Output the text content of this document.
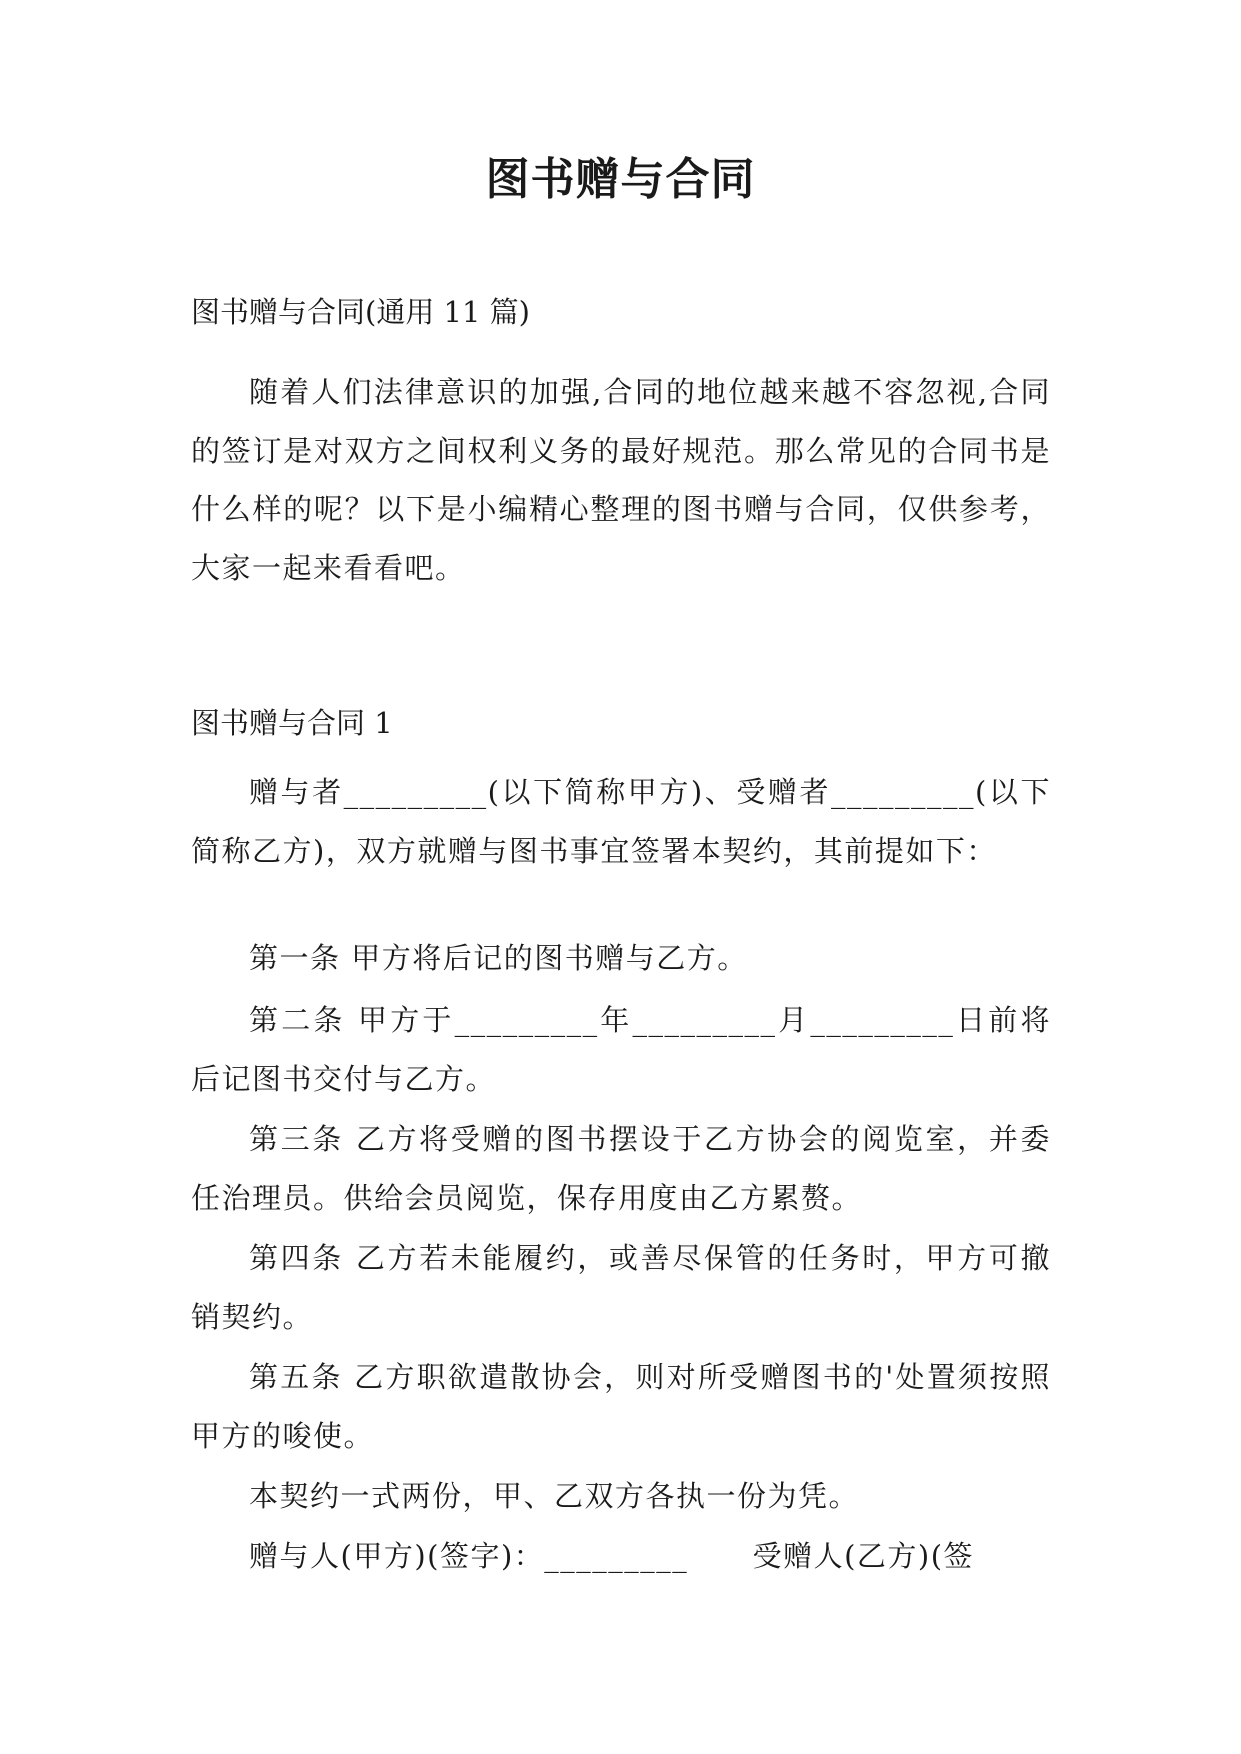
图书赠与合同

图书赠与合同(通用 11 篇)

随着人们法律意识的加强,合同的地位越来越不容忽视,合同的签订是对双方之间权利义务的最好规范。那么常见的合同书是什么样的呢？以下是小编精心整理的图书赠与合同，仅供参考，大家一起来看看吧。

图书赠与合同 1

赠与者_________(以下简称甲方)、受赠者_________(以下简称乙方)，双方就赠与图书事宜签署本契约，其前提如下：

第一条 甲方将后记的图书赠与乙方。

第二条 甲方于_________年_________月_________日前将后记图书交付与乙方。

第三条 乙方将受赠的图书摆设于乙方协会的阅览室，并委任治理员。供给会员阅览，保存用度由乙方累赘。

第四条 乙方若未能履约，或善尽保管的任务时，甲方可撤销契约。

第五条 乙方职欲遣散协会，则对所受赠图书的'处置须按照甲方的唆使。

本契约一式两份，甲、乙双方各执一份为凭。

赠与人(甲方)(签字)：_________      受赠人(乙方)(签
